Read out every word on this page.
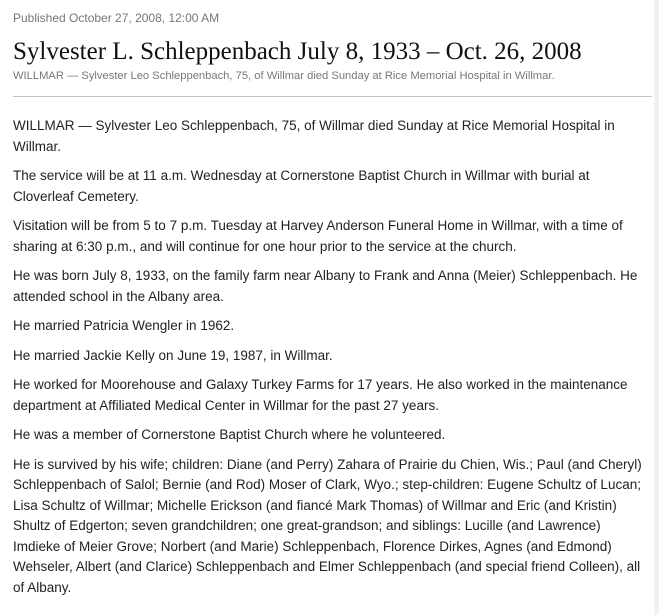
Published October 27, 2008, 12:00 AM
Sylvester L. Schleppenbach July 8, 1933 – Oct. 26, 2008
WILLMAR — Sylvester Leo Schleppenbach, 75, of Willmar died Sunday at Rice Memorial Hospital in Willmar.

WILLMAR — Sylvester Leo Schleppenbach, 75, of Willmar died Sunday at Rice Memorial Hospital in Willmar.

The service will be at 11 a.m. Wednesday at Cornerstone Baptist Church in Willmar with burial at Cloverleaf Cemetery.

Visitation will be from 5 to 7 p.m. Tuesday at Harvey Anderson Funeral Home in Willmar, with a time of sharing at 6:30 p.m., and will continue for one hour prior to the service at the church.

He was born July 8, 1933, on the family farm near Albany to Frank and Anna (Meier) Schleppenbach. He attended school in the Albany area.

He married Patricia Wengler in 1962.

He married Jackie Kelly on June 19, 1987, in Willmar.

He worked for Moorehouse and Galaxy Turkey Farms for 17 years. He also worked in the maintenance department at Affiliated Medical Center in Willmar for the past 27 years.

He was a member of Cornerstone Baptist Church where he volunteered.

He is survived by his wife; children: Diane (and Perry) Zahara of Prairie du Chien, Wis.; Paul (and Cheryl) Schleppenbach of Salol; Bernie (and Rod) Moser of Clark, Wyo.; step-children: Eugene Schultz of Lucan; Lisa Schultz of Willmar; Michelle Erickson (and fiancé Mark Thomas) of Willmar and Eric (and Kristin) Shultz of Edgerton; seven grandchildren; one great-grandson; and siblings: Lucille (and Lawrence) Imdieke of Meier Grove; Norbert (and Marie) Schleppenbach, Florence Dirkes, Agnes (and Edmond) Wehseler, Albert (and Clarice) Schleppenbach and Elmer Schleppenbach (and special friend Colleen), all of Albany.
